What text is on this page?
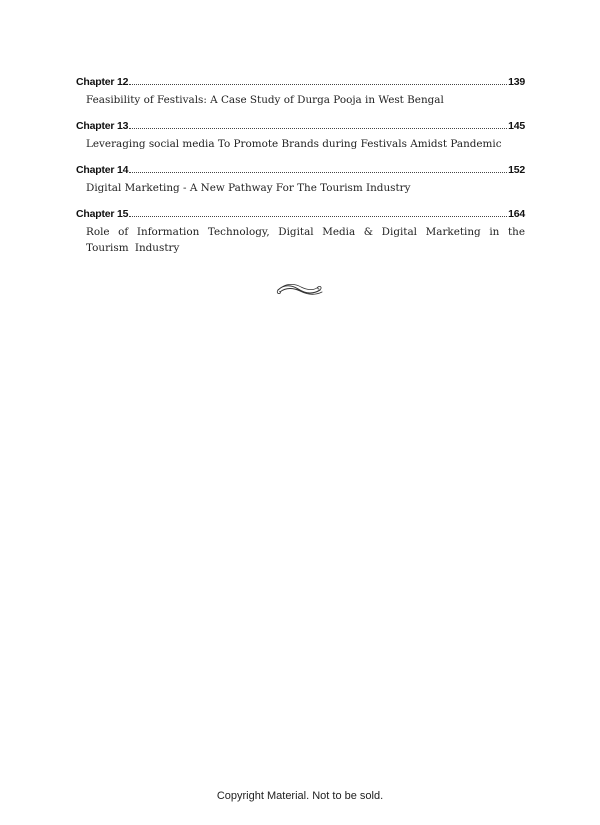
Chapter 12	139
Feasibility of Festivals: A Case Study of Durga Pooja in West Bengal
Chapter 13	145
Leveraging social media To Promote Brands during Festivals Amidst Pandemic
Chapter 14	152
Digital Marketing - A New Pathway For The Tourism Industry
Chapter 15	164
Role of Information Technology, Digital Media & Digital Marketing in the Tourism Industry
Copyright Material. Not to be sold.
